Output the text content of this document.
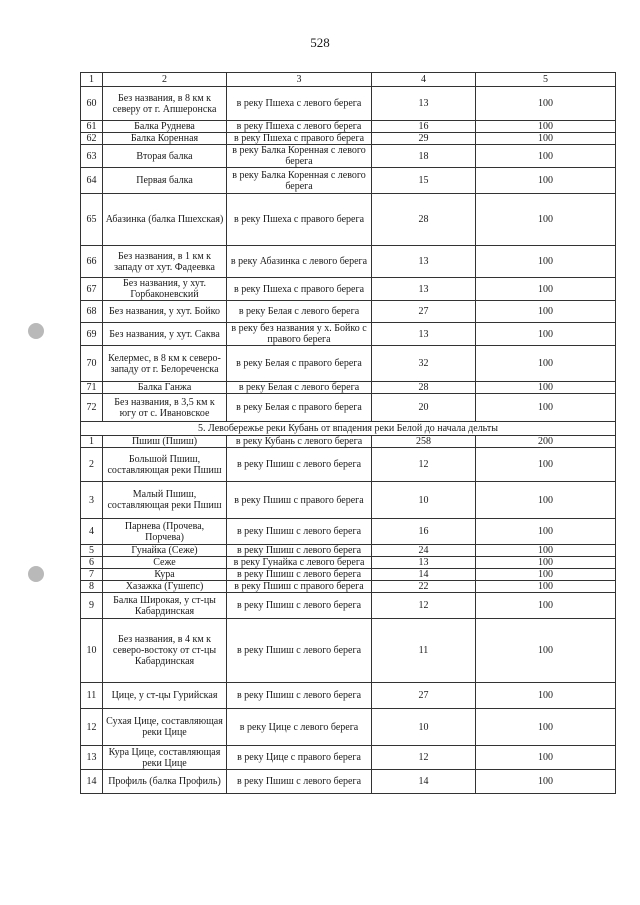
528
1	2	3	4	5
60	Без названия, в 8 км к северу от г. Апшеронска	в реку Пшеха с левого берега	13	100
61	Балка Руднева	в реку Пшеха с левого берега	16	100
62	Балка Коренная	в реку Пшеха с правого берега	29	100
63	Вторая балка	в реку Балка Коренная с левого берега	18	100
64	Первая балка	в реку Балка Коренная с левого берега	15	100
65	Абазинка (балка Пшехская)	в реку Пшеха с правого берега	28	100
66	Без названия, в 1 км к западу от хут. Фадеевка	в реку Абазинка с левого берега	13	100
67	Без названия, у хут. Горбаконевский	в реку Пшеха с правого берега	13	100
68	Без названия, у хут. Бойко	в реку Белая с левого берега	27	100
69	Без названия, у хут. Саква	в реку без названия у х. Бойко с правого берега	13	100
70	Келермес, в 8 км к северо-западу от г. Белореченска	в реку Белая с правого берега	32	100
71	Балка Ганжа	в реку Белая с левого берега	28	100
72	Без названия, в 3,5 км к югу от с. Ивановское	в реку Белая с правого берега	20	100
5. Левобережье реки Кубань от впадения реки Белой до начала дельты				
1	Пшиш (Пшиш)	в реку Кубань с левого берега	258	200
2	Большой Пшиш, составляющая реки Пшиш	в реку Пшиш с левого берега	12	100
3	Малый Пшиш, составляющая реки Пшиш	в реку Пшиш с правого берега	10	100
4	Парнева (Прочева, Порчева)	в реку Пшиш с левого берега	16	100
5	Гунайка (Сеже)	в реку Пшиш с левого берега	24	100
6	Сеже	в реку Гунайка с левого берега	13	100
7	Кура	в реку Пшиш с левого берега	14	100
8	Хазажка (Гушепс)	в реку Пшиш с правого берега	22	100
9	Балка Широкая, у ст-цы Кабардинская	в реку Пшиш с левого берега	12	100
10	Без названия, в 4 км к северо-востоку от ст-цы Кабардинская	в реку Пшиш с левого берега	11	100
11	Цице, у ст-цы Гурийская	в реку Пшиш с левого берега	27	100
12	Сухая Цице, составляющая реки Цице	в реку Цице с левого берега	10	100
13	Кура Цице, составляющая реки Цице	в реку Цице с правого берега	12	100
14	Профиль (балка Профиль)	в реку Пшиш с левого берега	14	100
